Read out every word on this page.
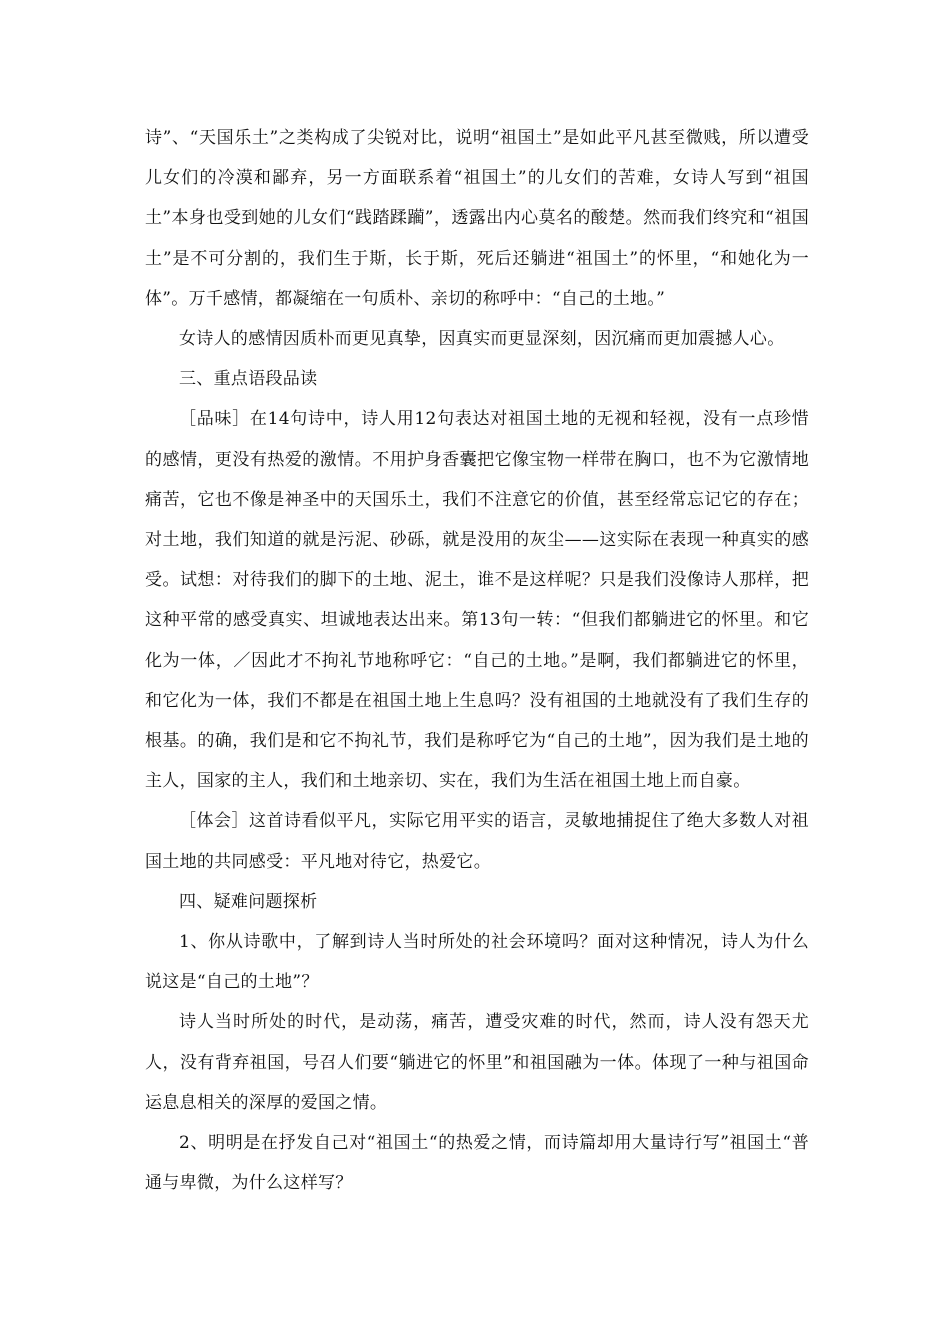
诗”、“天国乐土”之类构成了尖锐对比，说明“祖国土”是如此平凡甚至微贱，所以遭受儿女们的冷漠和鄙弃，另一方面联系着“祖国土”的儿女们的苦难，女诗人写到“祖国土”本身也受到她的儿女们“践踏蹂躏”，透露出内心莫名的酸楚。然而我们终究和“祖国土”是不可分割的，我们生于斯，长于斯，死后还躺进“祖国土”的怀里，“和她化为一体”。万千感情，都凝缩在一句质朴、亲切的称呼中：“自己的土地。”

女诗人的感情因质朴而更见真挚，因真实而更显深刻，因沉痛而更加震撼人心。

三、重点语段品读

［品味］在14句诗中，诗人用12句表达对祖国土地的无视和轻视，没有一点珍惜的感情，更没有热爱的激情。不用护身香囊把它像宝物一样带在胸口，也不为它激情地痛苦，它也不像是神圣中的天国乐土，我们不注意它的价值，甚至经常忘记它的存在；对土地，我们知道的就是污泥、砂砾，就是没用的灰尘——这实际在表现一种真实的感受。试想：对待我们的脚下的土地、泥土，谁不是这样呢？只是我们没像诗人那样，把这种平常的感受真实、坦诚地表达出来。第13句一转：“但我们都躺进它的怀里。和它化为一体，／因此才不拘礼节地称呼它：“自己的土地。”是啊，我们都躺进它的怀里，和它化为一体，我们不都是在祖国土地上生息吗？没有祖国的土地就没有了我们生存的根基。的确，我们是和它不拘礼节，我们是称呼它为“自己的土地”，因为我们是土地的主人，国家的主人，我们和土地亲切、实在，我们为生活在祖国土地上而自豪。

［体会］这首诗看似平凡，实际它用平实的语言，灵敏地捕捉住了绝大多数人对祖国土地的共同感受：平凡地对待它，热爱它。

四、疑难问题探析

1、你从诗歌中，了解到诗人当时所处的社会环境吗？面对这种情况，诗人为什么说这是“自己的土地”？

诗人当时所处的时代，是动荡，痛苦，遭受灾难的时代，然而，诗人没有怨天尤人，没有背弃祖国，号召人们要“躺进它的怀里”和祖国融为一体。体现了一种与祖国命运息息相关的深厚的爱国之情。

2、明明是在抒发自己对“祖国土“的热爱之情，而诗篇却用大量诗行写”祖国土“普通与卑微，为什么这样写？
